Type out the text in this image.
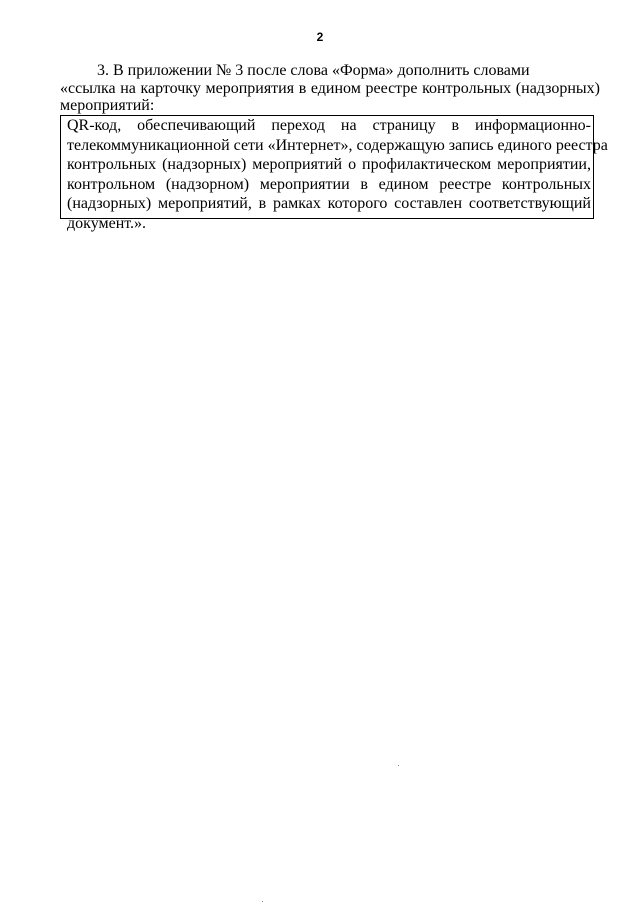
2
3. В приложении № 3 после слова «Форма» дополнить словами
«ссылка на карточку мероприятия в едином реестре контрольных (надзорных)
мероприятий:
QR-код, обеспечивающий переход на страницу в информационно-
телекоммуникационной сети «Интернет», содержащую запись единого реестра
контрольных (надзорных) мероприятий о профилактическом мероприятии,
контрольном (надзорном) мероприятии в едином реестре контрольных
(надзорных) мероприятий, в рамках которого составлен соответствующий
документ.».
